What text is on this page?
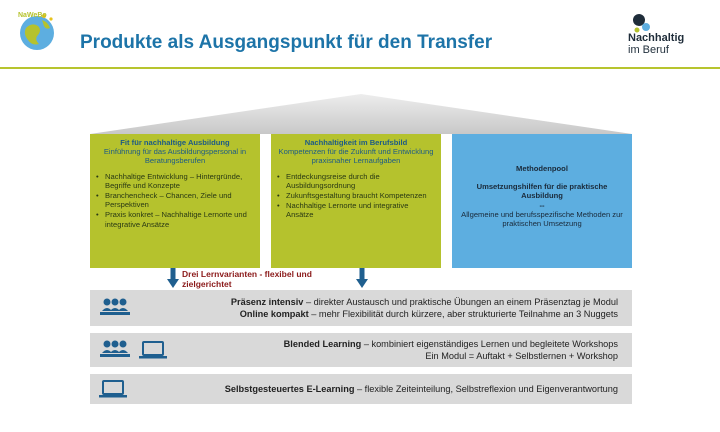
NaWeBo
Produkte als Ausgangspunkt für den Transfer	Nachhaltig
im Beruf
Fit für nachhaltige Ausbildung
Einführung für das Ausbildungspersonal in Beratungsberufen
• Nachhaltige Entwicklung – Hintergründe, Begriffe und Konzepte
• Branchencheck – Chancen, Ziele und Perspektiven
• Praxis konkret – Nachhaltige Lernorte und integrative Ansätze
Nachhaltigkeit im Berufsbild
Kompetenzen für die Zukunft und Entwicklung praxisnaher Lernaufgaben
• Entdeckungsreise durch die Ausbildungsordnung
• Zukunftsgestaltung braucht Kompetenzen
• Nachhaltige Lernorte und integrative Ansätze
Methodenpool
Umsetzungshilfen für die praktische Ausbildung
--
Allgemeine und berufsspezifische Methoden zur praktischen Umsetzung
Drei Lernvarianten - flexibel und
zielgerichtet
Präsenz intensiv – direkter Austausch und praktische Übungen an einem Präsenztag je Modul
Online kompakt – mehr Flexibilität durch kürzere, aber strukturierte Teilnahme an 3 Nuggets
Blended Learning – kombiniert eigenständiges Lernen und begleitete Workshops
Ein Modul = Auftakt + Selbstlernen + Workshop
Selbstgesteuertes E-Learning – flexible Zeiteinteilung, Selbstreflexion und Eigenverantwortung
